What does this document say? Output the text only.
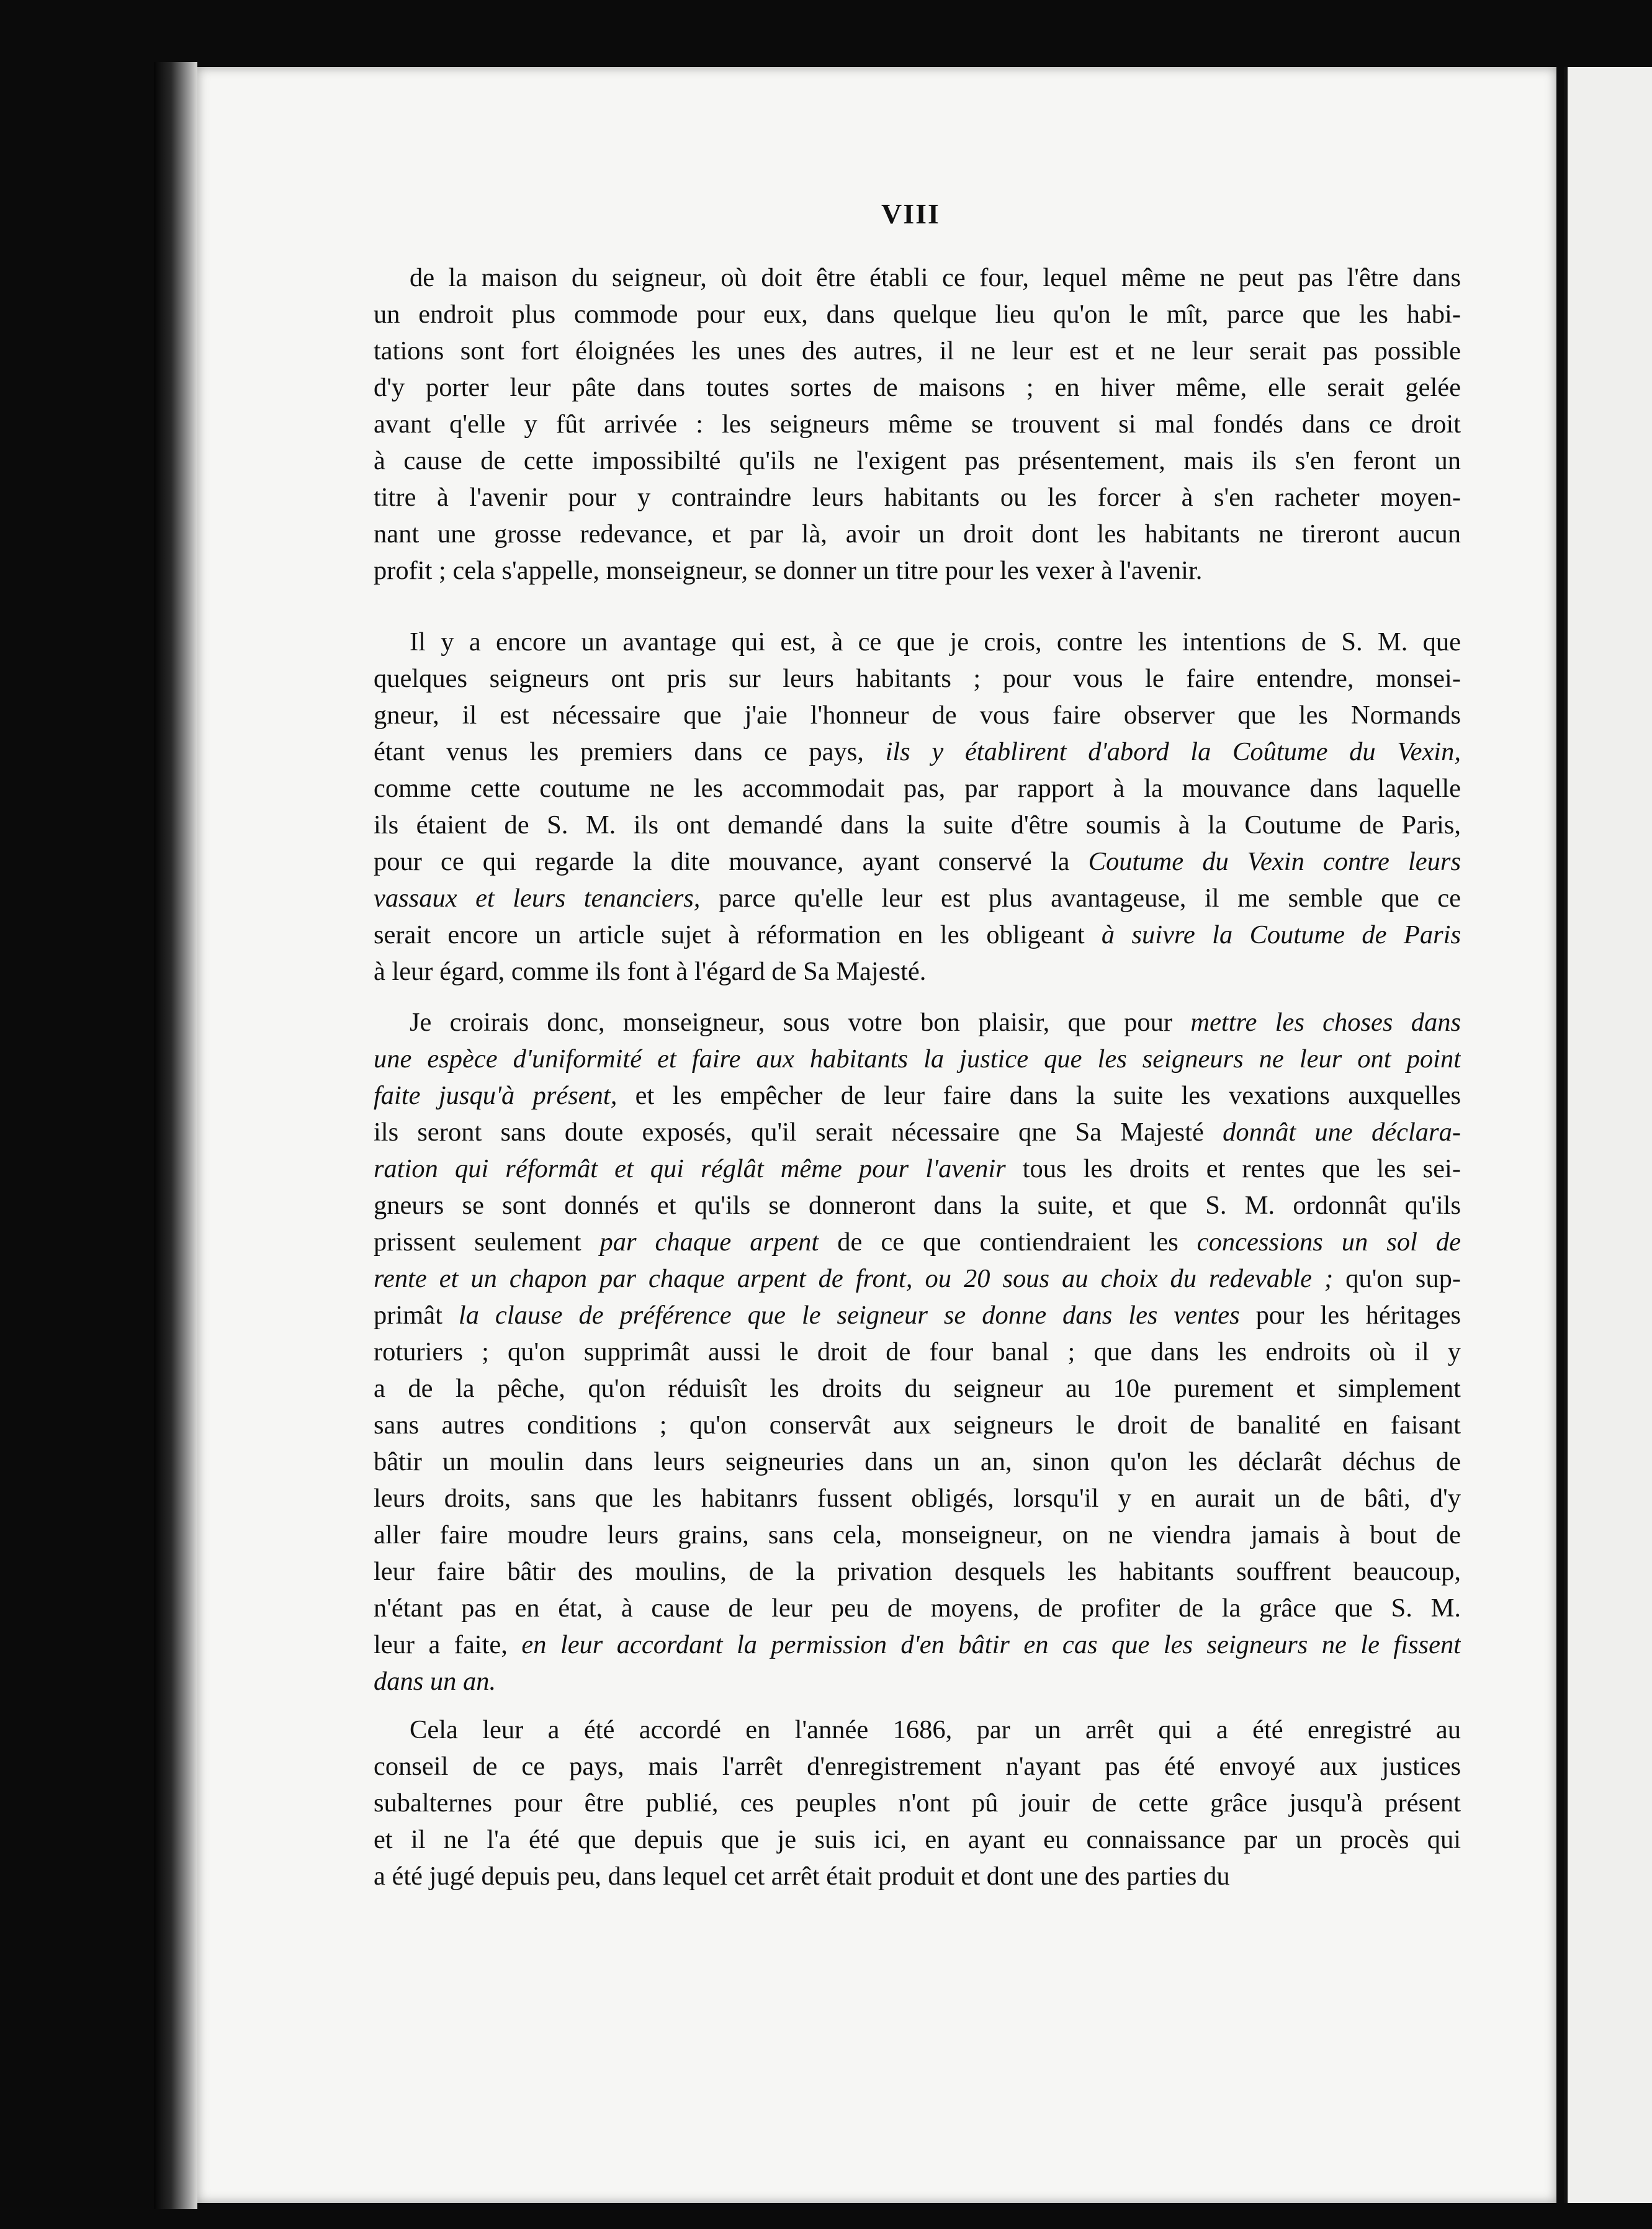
VIII
de la maison du seigneur, où doit être établi ce four, lequel même ne peut pas l'être dans
un endroit plus commode pour eux, dans quelque lieu qu'on le mît, parce que les habi-
tations sont fort éloignées les unes des autres, il ne leur est et ne leur serait pas possible
d'y porter leur pâte dans toutes sortes de maisons ; en hiver même, elle serait gelée
avant q'elle y fût arrivée : les seigneurs même se trouvent si mal fondés dans ce droit
à cause de cette impossibilté qu'ils ne l'exigent pas présentement, mais ils s'en feront un
titre à l'avenir pour y contraindre leurs habitants ou les forcer à s'en racheter moyen-
nant une grosse redevance, et par là, avoir un droit dont les habitants ne tireront aucun
profit ; cela s'appelle, monseigneur, se donner un titre pour les vexer à l'avenir.
Il y a encore un avantage qui est, à ce que je crois, contre les intentions de S. M. que
quelques seigneurs ont pris sur leurs habitants ; pour vous le faire entendre, monsei-
gneur, il est nécessaire que j'aie l'honneur de vous faire observer que les Normands
étant venus les premiers dans ce pays, ils y établirent d'abord la Coûtume du Vexin,
comme cette coutume ne les accommodait pas, par rapport à la mouvance dans laquelle
ils étaient de S. M. ils ont demandé dans la suite d'être soumis à la Coutume de Paris,
pour ce qui regarde la dite mouvance, ayant conservé la Coutume du Vexin contre leurs
vassaux et leurs tenanciers, parce qu'elle leur est plus avantageuse, il me semble que ce
serait encore un article sujet à réformation en les obligeant à suivre la Coutume de Paris
à leur égard, comme ils font à l'égard de Sa Majesté.
Je croirais donc, monseigneur, sous votre bon plaisir, que pour mettre les choses dans
une espèce d'uniformité et faire aux habitants la justice que les seigneurs ne leur ont point
faite jusqu'à présent, et les empêcher de leur faire dans la suite les vexations auxquelles
ils seront sans doute exposés, qu'il serait nécessaire qne Sa Majesté donnât une déclara-
ration qui réformât et qui réglât même pour l'avenir tous les droits et rentes que les sei-
gneurs se sont donnés et qu'ils se donneront dans la suite, et que S. M. ordonnât qu'ils
prissent seulement par chaque arpent de ce que contiendraient les concessions un sol de
rente et un chapon par chaque arpent de front, ou 20 sous au choix du redevable ; qu'on sup-
primât la clause de préférence que le seigneur se donne dans les ventes pour les héritages
roturiers ; qu'on supprimât aussi le droit de four banal ; que dans les endroits où il y
a de la pêche, qu'on réduisît les droits du seigneur au 10e purement et simplement
sans autres conditions ; qu'on conservât aux seigneurs le droit de banalité en faisant
bâtir un moulin dans leurs seigneuries dans un an, sinon qu'on les déclarât déchus de
leurs droits, sans que les habitanrs fussent obligés, lorsqu'il y en aurait un de bâti, d'y
aller faire moudre leurs grains, sans cela, monseigneur, on ne viendra jamais à bout de
leur faire bâtir des moulins, de la privation desquels les habitants souffrent beaucoup,
n'étant pas en état, à cause de leur peu de moyens, de profiter de la grâce que S. M.
leur a faite, en leur accordant la permission d'en bâtir en cas que les seigneurs ne le fissent
dans un an.
Cela leur a été accordé en l'année 1686, par un arrêt qui a été enregistré au
conseil de ce pays, mais l'arrêt d'enregistrement n'ayant pas été envoyé aux justices
subalternes pour être publié, ces peuples n'ont pû jouir de cette grâce jusqu'à présent
et il ne l'a été que depuis que je suis ici, en ayant eu connaissance par un procès qui
a été jugé depuis peu, dans lequel cet arrêt était produit et dont une des parties du
